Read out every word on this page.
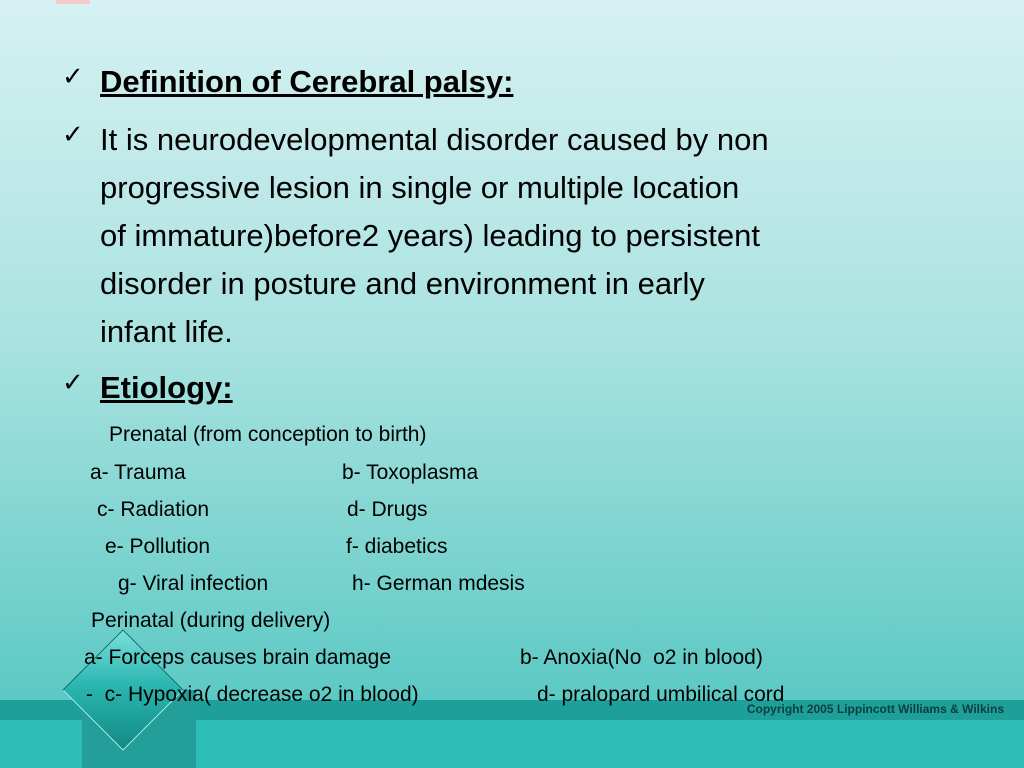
✓ Definition of Cerebral palsy:
✓ It is neurodevelopmental disorder caused by non
progressive lesion in single or multiple location
of immature)before2 years) leading to persistent
disorder in posture and environment in early
infant life.
✓ Etiology:
Prenatal (from conception to birth)
a- Trauma	b- Toxoplasma
c- Radiation	d- Drugs
e- Pollution	f- diabetics
g- Viral infection	h- German mdesis
Perinatal (during delivery)
a- Forceps causes brain damage	b- Anoxia(No  o2 in blood)
-  c- Hypoxia( decrease o2 in blood)	d- pralopard umbilical cord
Copyright 2005 Lippincott Williams & Wilkins
